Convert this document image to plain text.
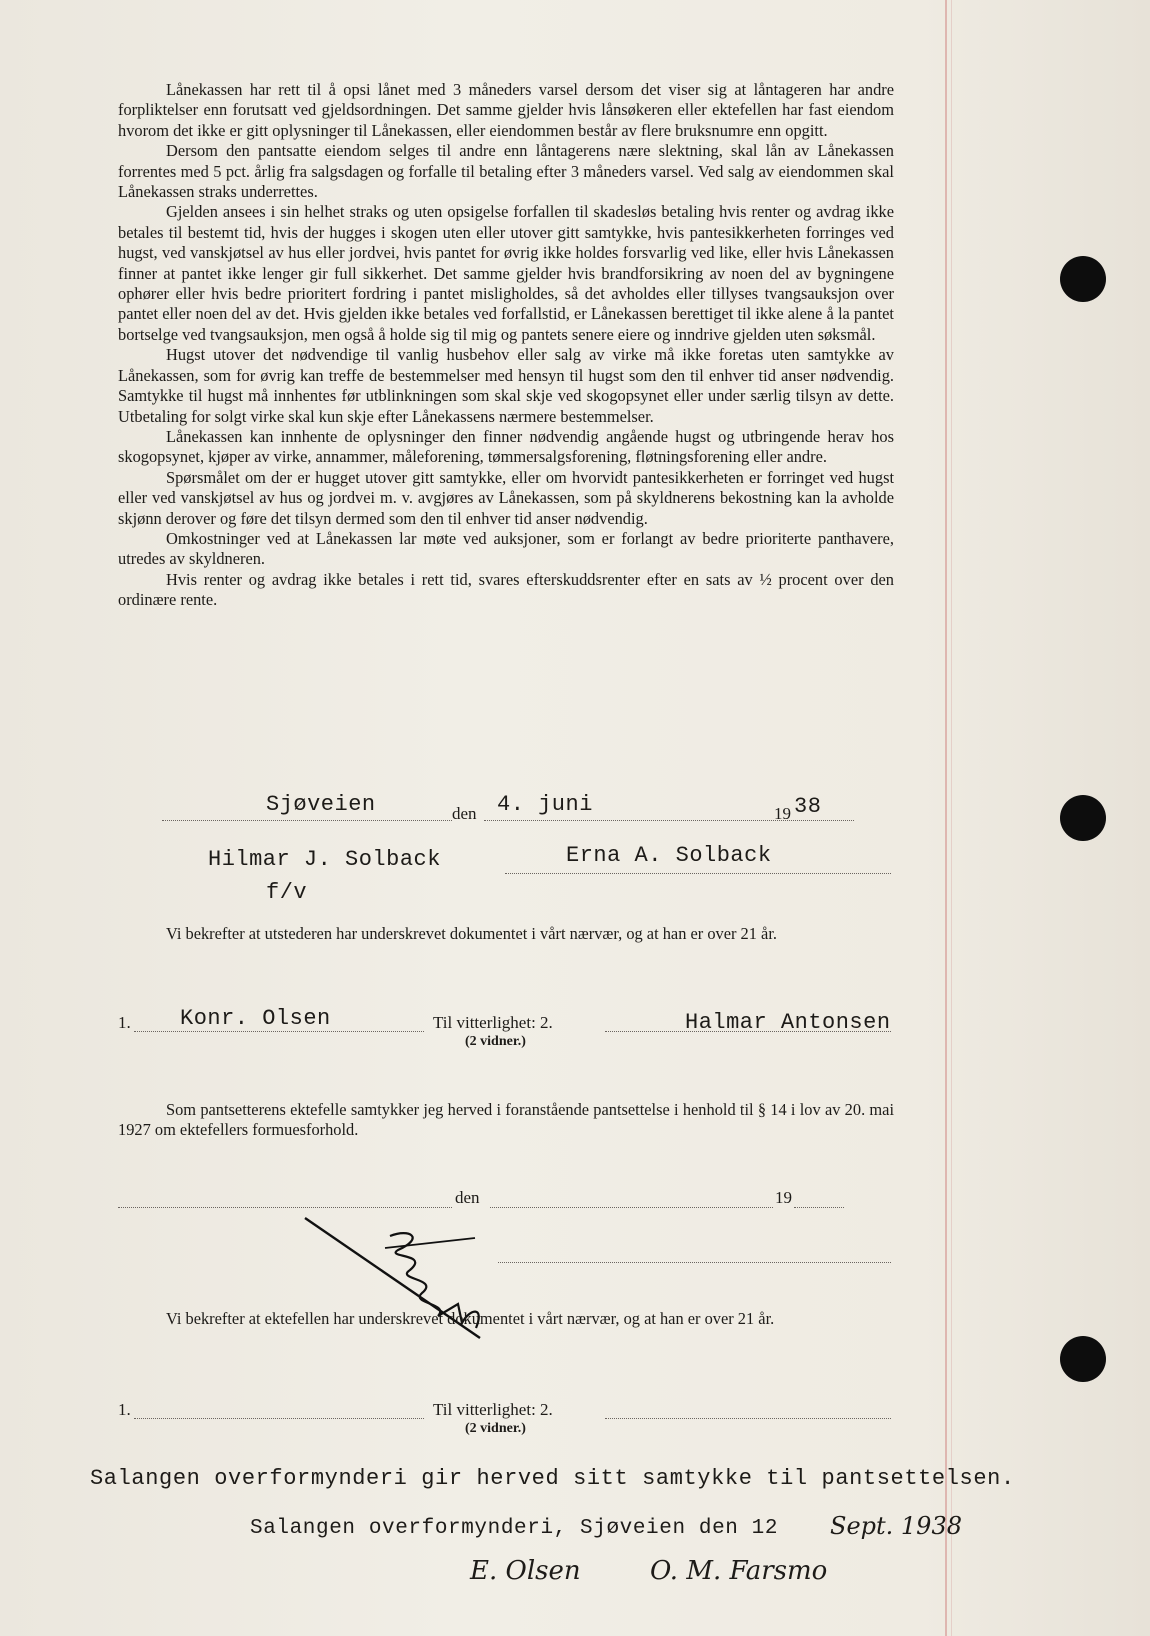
Lånekassen har rett til å opsi lånet med 3 måneders varsel dersom det viser sig at låntageren har andre forpliktelser enn forutsatt ved gjeldsordningen. Det samme gjelder hvis lånsøkeren eller ektefellen har fast eiendom hvorom det ikke er gitt oplysninger til Lånekassen, eller eiendommen består av flere bruksnumre enn opgitt.

Dersom den pantsatte eiendom selges til andre enn låntagerens nære slektning, skal lån av Lånekassen forrentes med 5 pct. årlig fra salgsdagen og forfalle til betaling efter 3 måneders varsel. Ved salg av eiendommen skal Lånekassen straks underrettes.

Gjelden ansees i sin helhet straks og uten opsigelse forfallen til skadesløs betaling hvis renter og avdrag ikke betales til bestemt tid, hvis der hugges i skogen uten eller utover gitt samtykke, hvis pantesikkerheten forringes ved hugst, ved vanskjøtsel av hus eller jordvei, hvis pantet for øvrig ikke holdes forsvarlig ved like, eller hvis Lånekassen finner at pantet ikke lenger gir full sikkerhet. Det samme gjelder hvis brandforsikring av noen del av bygningene ophører eller hvis bedre prioritert fordring i pantet misligholdes, så det avholdes eller tillyses tvangsauksjon over pantet eller noen del av det. Hvis gjelden ikke betales ved forfallstid, er Lånekassen berettiget til ikke alene å la pantet bortselge ved tvangsauksjon, men også å holde sig til mig og pantets senere eiere og inndrive gjelden uten søksmål.

Hugst utover det nødvendige til vanlig husbehov eller salg av virke må ikke foretas uten samtykke av Lånekassen, som for øvrig kan treffe de bestemmelser med hensyn til hugst som den til enhver tid anser nødvendig. Samtykke til hugst må innhentes før utblinkningen som skal skje ved skogopsynet eller under særlig tilsyn av dette. Utbetaling for solgt virke skal kun skje efter Lånekassens nærmere bestemmelser.

Lånekassen kan innhente de oplysninger den finner nødvendig angående hugst og utbringende herav hos skogopsynet, kjøper av virke, annammer, måleforening, tømmersalgsforening, fløtningsforening eller andre.

Spørsmålet om der er hugget utover gitt samtykke, eller om hvorvidt pantesikkerheten er forringet ved hugst eller ved vanskjøtsel av hus og jordvei m. v. avgjøres av Lånekassen, som på skyldnerens bekostning kan la avholde skjønn derover og føre det tilsyn dermed som den til enhver tid anser nødvendig.

Omkostninger ved at Lånekassen lar møte ved auksjoner, som er forlangt av bedre prioriterte panthavere, utredes av skyldneren.

Hvis renter og avdrag ikke betales i rett tid, svares efterskuddsrenter efter en sats av ½ procent over den ordinære rente.

Sjøveien	den 4. juni	19 38
Hilmar J. Solback
f/v
Erna A. Solback

Vi bekrefter at utstederen har underskrevet dokumentet i vårt nærvær, og at han er over 21 år.

1. Konr. Olsen	Til vitterlighet: 2.
(2 vidner.)
Halmar Antonsen

Som pantsetterens ektefelle samtykker jeg herved i foranstående pantsettelse i henhold til § 14 i lov av 20. mai 1927 om ektefellers formuesforhold.

den	19

Vi bekrefter at ektefellen har underskrevet dokumentet i vårt nærvær, og at han er over 21 år.

1.	Til vitterlighet: 2.
(2 vidner.)
Salangen overformynderi gir herved sitt samtykke til pantsettelsen.
Salangen overformynderi, Sjøveien den 12 Sept. 1938
E. Olsen	O. M. Farsmo
